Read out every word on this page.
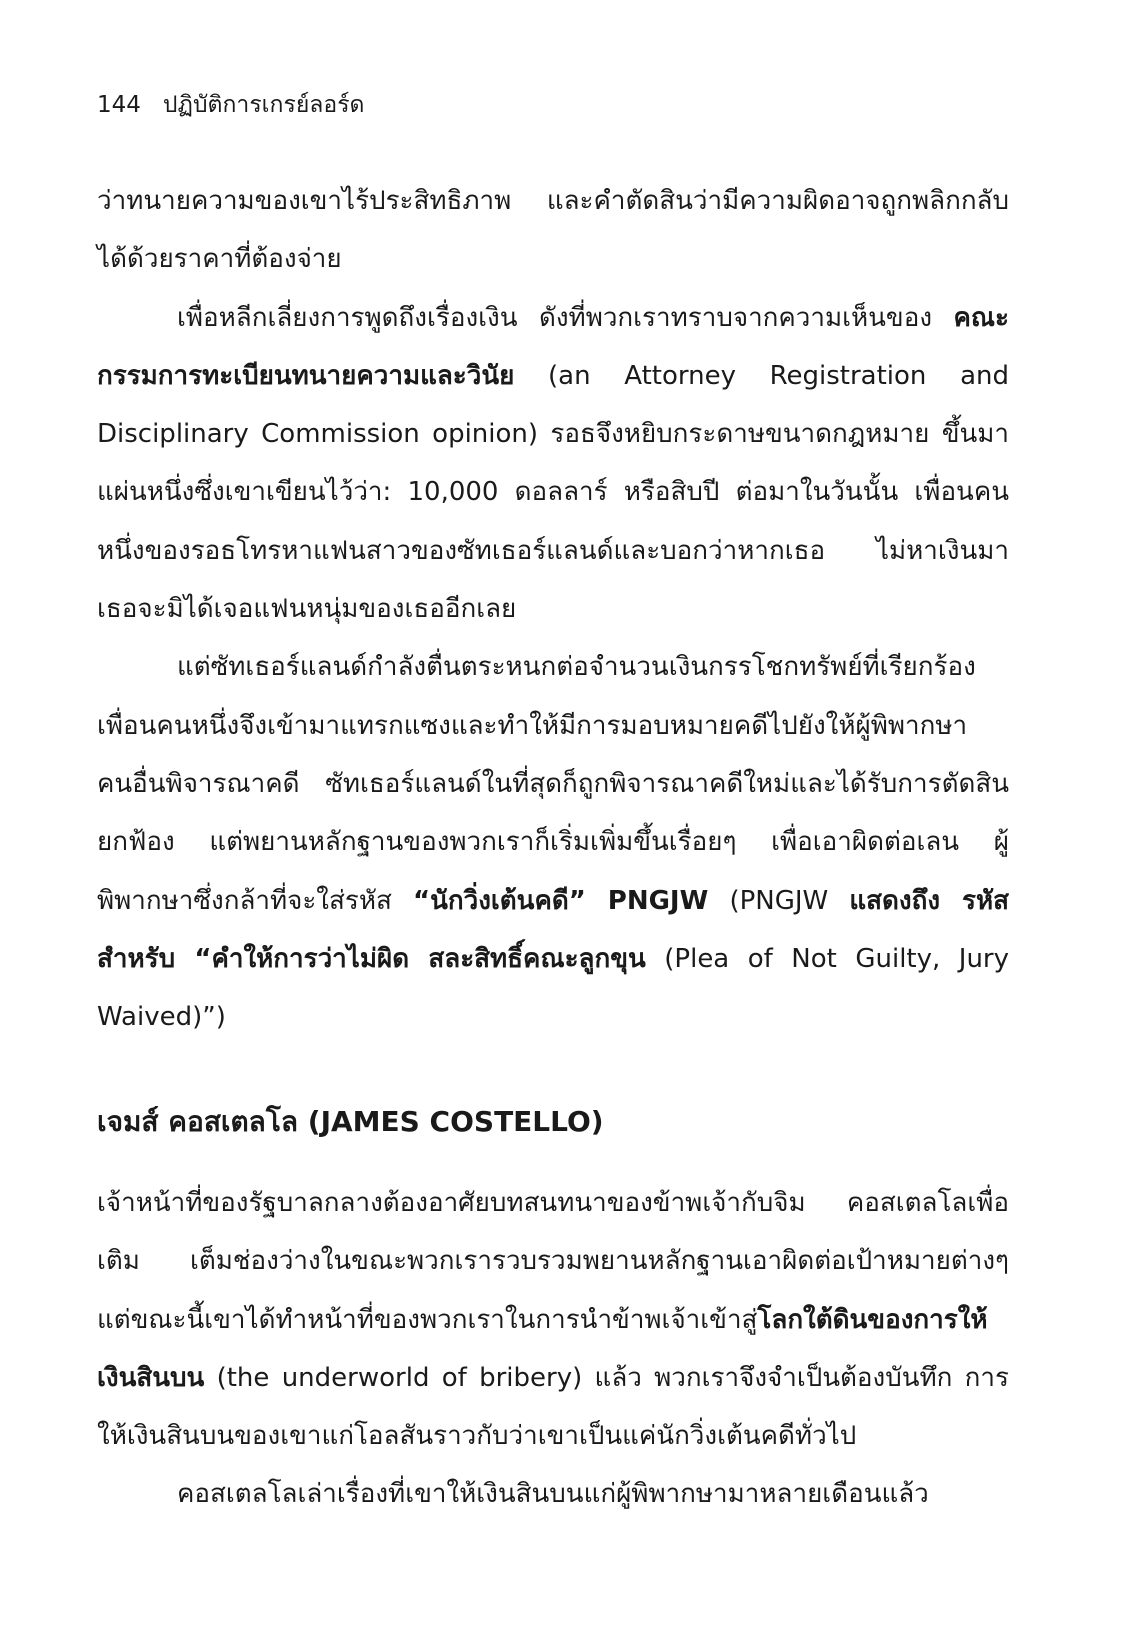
144 ปฏิบัติการเกรย์ลอร์ด

ว่าทนายความของเขาไร้ประสิทธิภาพ และคำตัดสินว่ามีความผิดอาจถูกพลิกกลับ ได้ด้วยราคาที่ต้องจ่าย

เพื่อหลีกเลี่ยงการพูดถึงเรื่องเงิน ดังที่พวกเราทราบจากความเห็นของ คณะกรรมการทะเบียนทนายความและวินัย (an Attorney Registration and Disciplinary Commission opinion) รอธจึงหยิบกระดาษขนาดกฎหมาย ขึ้นมาแผ่นหนึ่งซึ่งเขาเขียนไว้ว่า: 10,000 ดอลลาร์ หรือสิบปี ต่อมาในวันนั้น เพื่อนคนหนึ่งของรอธโทรหาแฟนสาวของซัทเธอร์แลนด์และบอกว่าหากเธอ ไม่หาเงินมา เธอจะมิได้เจอแฟนหนุ่มของเธออีกเลย

แต่ซัทเธอร์แลนด์กำลังตื่นตระหนกต่อจำนวนเงินกรรโชกทรัพย์ที่เรียกร้อง เพื่อนคนหนึ่งจึงเข้ามาแทรกแซงและทำให้มีการมอบหมายคดีไปยังให้ผู้พิพากษา คนอื่นพิจารณาคดี ซัทเธอร์แลนด์ในที่สุดก็ถูกพิจารณาคดีใหม่และได้รับการตัดสิน ยกฟ้อง แต่พยานหลักฐานของพวกเราก็เริ่มเพิ่มขึ้นเรื่อยๆ เพื่อเอาผิดต่อเลน ผู้พิพากษาซึ่งกล้าที่จะใส่รหัส “นักวิ่งเต้นคดี” PNGJW (PNGJW แสดงถึง รหัสสำหรับ “คำให้การว่าไม่ผิด สละสิทธิ์คณะลูกขุน (Plea of Not Guilty, Jury Waived)”)

เจมส์ คอสเตลโล (JAMES COSTELLO)

เจ้าหน้าที่ของรัฐบาลกลางต้องอาศัยบทสนทนาของข้าพเจ้ากับจิม คอสเตลโลเพื่อเติม เต็มช่องว่างในขณะพวกเรารวบรวมพยานหลักฐานเอาผิดต่อเป้าหมายต่างๆ แต่ขณะนี้เขาได้ทำหน้าที่ของพวกเราในการนำข้าพเจ้าเข้าสู่โลกใต้ดินของการให้ เงินสินบน (the underworld of bribery) แล้ว พวกเราจึงจำเป็นต้องบันทึก การให้เงินสินบนของเขาแก่โอลสันราวกับว่าเขาเป็นแค่นักวิ่งเต้นคดีทั่วไป

คอสเตลโลเล่าเรื่องที่เขาให้เงินสินบนแก่ผู้พิพากษามาหลายเดือนแล้ว
